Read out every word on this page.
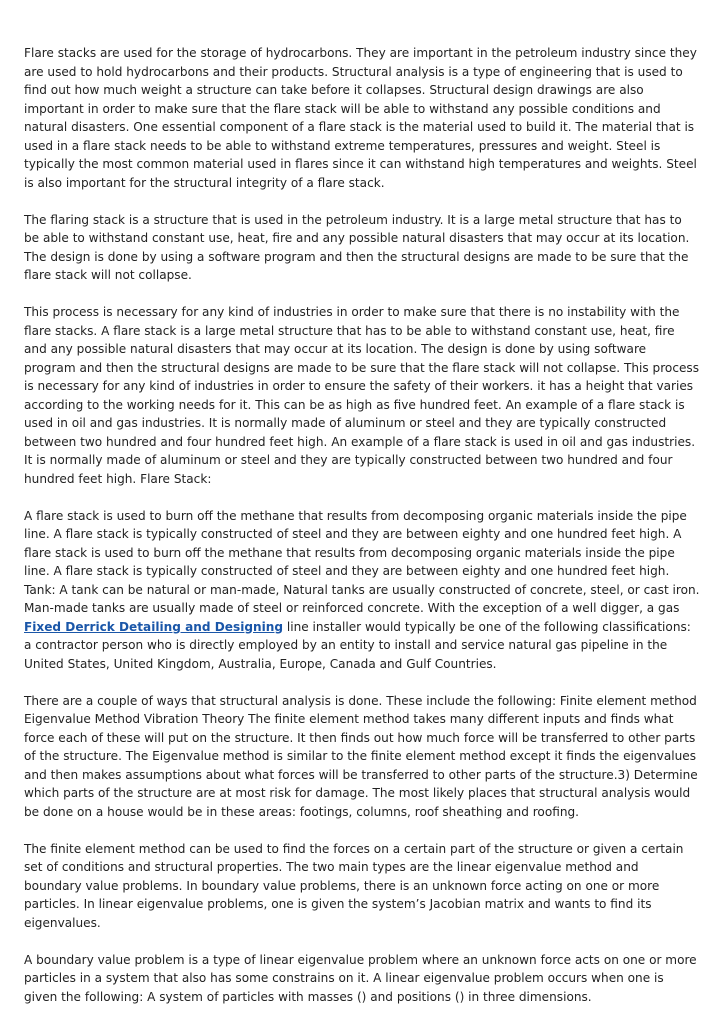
Flare stacks are used for the storage of hydrocarbons. They are important in the petroleum industry since they are used to hold hydrocarbons and their products. Structural analysis is a type of engineering that is used to find out how much weight a structure can take before it collapses. Structural design drawings are also important in order to make sure that the flare stack will be able to withstand any possible conditions and natural disasters. One essential component of a flare stack is the material used to build it. The material that is used in a flare stack needs to be able to withstand extreme temperatures, pressures and weight. Steel is typically the most common material used in flares since it can withstand high temperatures and weights. Steel is also important for the structural integrity of a flare stack.

The flaring stack is a structure that is used in the petroleum industry. It is a large metal structure that has to be able to withstand constant use, heat, fire and any possible natural disasters that may occur at its location. The design is done by using a software program and then the structural designs are made to be sure that the flare stack will not collapse.

This process is necessary for any kind of industries in order to make sure that there is no instability with the flare stacks. A flare stack is a large metal structure that has to be able to withstand constant use, heat, fire and any possible natural disasters that may occur at its location. The design is done by using software program and then the structural designs are made to be sure that the flare stack will not collapse. This process is necessary for any kind of industries in order to ensure the safety of their workers. it has a height that varies according to the working needs for it. This can be as high as five hundred feet. An example of a flare stack is used in oil and gas industries. It is normally made of aluminum or steel and they are typically constructed between two hundred and four hundred feet high. An example of a flare stack is used in oil and gas industries. It is normally made of aluminum or steel and they are typically constructed between two hundred and four hundred feet high. Flare Stack:

A flare stack is used to burn off the methane that results from decomposing organic materials inside the pipe line. A flare stack is typically constructed of steel and they are between eighty and one hundred feet high. A flare stack is used to burn off the methane that results from decomposing organic materials inside the pipe line. A flare stack is typically constructed of steel and they are between eighty and one hundred feet high. Tank: A tank can be natural or man-made, Natural tanks are usually constructed of concrete, steel, or cast iron. Man-made tanks are usually made of steel or reinforced concrete. With the exception of a well digger, a gas Fixed Derrick Detailing and Designing line installer would typically be one of the following classifications: a contractor person who is directly employed by an entity to install and service natural gas pipeline in the United States, United Kingdom, Australia, Europe, Canada and Gulf Countries.

There are a couple of ways that structural analysis is done. These include the following: Finite element method Eigenvalue Method Vibration Theory The finite element method takes many different inputs and finds what force each of these will put on the structure. It then finds out how much force will be transferred to other parts of the structure. The Eigenvalue method is similar to the finite element method except it finds the eigenvalues and then makes assumptions about what forces will be transferred to other parts of the structure.3) Determine which parts of the structure are at most risk for damage. The most likely places that structural analysis would be done on a house would be in these areas: footings, columns, roof sheathing and roofing.

The finite element method can be used to find the forces on a certain part of the structure or given a certain set of conditions and structural properties. The two main types are the linear eigenvalue method and boundary value problems. In boundary value problems, there is an unknown force acting on one or more particles. In linear eigenvalue problems, one is given the system’s Jacobian matrix and wants to find its eigenvalues.

A boundary value problem is a type of linear eigenvalue problem where an unknown force acts on one or more particles in a system that also has some constrains on it. A linear eigenvalue problem occurs when one is given the following: A system of particles with masses () and positions () in three dimensions.
